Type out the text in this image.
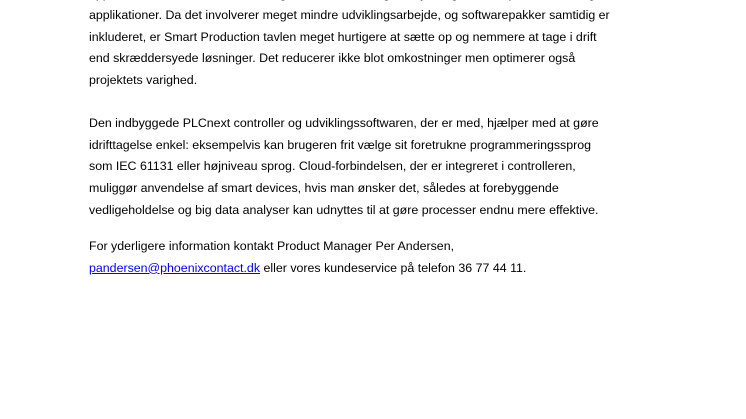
applikationer. Da det involverer meget mindre udviklingsarbejde, og softwarepakker samtidig er
inkluderet, er Smart Production tavlen meget hurtigere at sætte op og nemmere at tage i drift
end skræddersyede løsninger. Det reducerer ikke blot omkostninger men optimerer også
projektets varighed.
Den indbyggede PLCnext controller og udviklingssoftwaren, der er med, hjælper med at gøre
idrifttagelse enkel: eksempelvis kan brugeren frit vælge sit foretrukne programmeringssprog
som IEC 61131 eller højniveau sprog. Cloud-forbindelsen, der er integreret i controlleren,
muliggør anvendelse af smart devices, hvis man ønsker det, således at forebyggende
vedligeholdelse og big data analyser kan udnyttes til at gøre processer endnu mere effektive.
For yderligere information kontakt Product Manager Per Andersen,
pandersen@phoenixcontact.dk eller vores kundeservice på telefon 36 77 44 11.
